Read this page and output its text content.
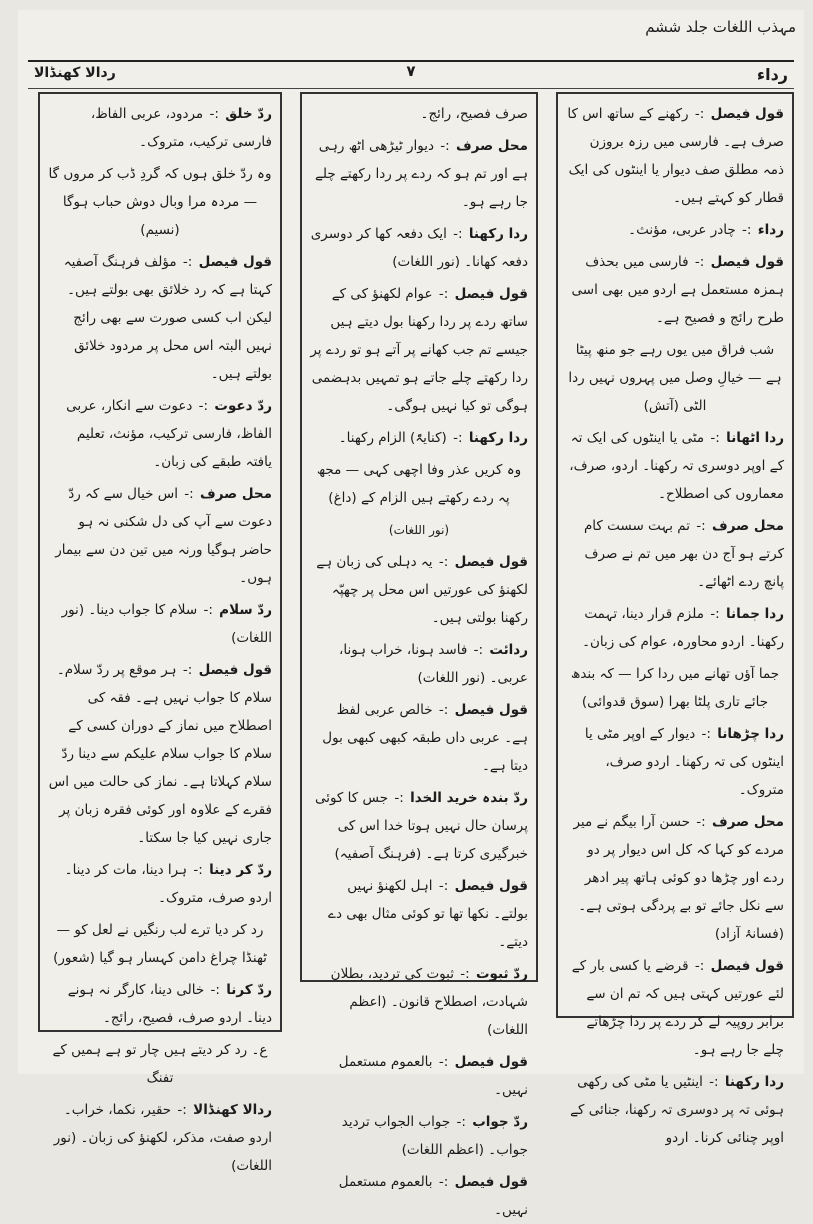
مہذب اللغات جلد ششم
رداء
ردالا کھنڈالا	۷
قول فیصل :- رکھنے کے ساتھ اس کا صرف ہے۔ فارسی میں رزہ بروزن ذمہ مطلق صف دیوار یا اینٹوں کی ایک قطار کو کہتے ہیں۔
رداء :- چادر عربی، مؤنث۔
قول فیصل :- فارسی میں بحذف ہمزہ مستعمل ہے اردو میں بھی اسی طرح رائج و فصیح ہے۔
شب فراق میں یوں رہے جو منھ پیٹا ہے — خیالِ وصل میں پہروں نہیں ردا الٹی (آتش)
ردا اٹھانا :- مٹی یا اینٹوں کی ایک تہ کے اوپر دوسری تہ رکھنا۔ اردو، صرف، معماروں کی اصطلاح۔
محل صرف :- تم بہت سست کام کرتے ہو آج دن بھر میں تم نے صرف پانچ ردے اٹھائے۔
ردا جمانا :- ملزم قرار دینا، تہمت رکھنا۔ اردو محاورہ، عوام کی زبان۔
جما آؤں تھانے میں ردا کرا — کہ بندھ جائے تاری پلٹا بھرا (سوق قدوائی)
ردا چڑھانا :- دیوار کے اوپر مٹی یا اینٹوں کی تہ رکھنا۔ اردو صرف، متروک۔
محل صرف :- حسن آرا بیگم نے میر مردے کو کہا کہ کل اس دیوار پر دو ردے اور چڑھا دو کوئی ہاتھ پیر ادھر سے نکل جائے تو بے پردگی ہوتی ہے۔ (فسانۂ آزاد)
قول فیصل :- قرضے یا کسی بار کے لئے عورتیں کہتی ہیں کہ تم ان سے برابر روپیہ لے کر ردے پر ردا چڑھاتے چلے جا رہے ہو۔
ردا رکھنا :- اینٹیں یا مٹی کی رکھی ہوئی تہ پر دوسری تہ رکھنا، جنائی کے اوپر چنائی کرنا۔ اردو
صرف فصیح، رائج۔
محل صرف :- دیوار ٹیڑھی اٹھ رہی ہے اور تم ہو کہ ردے پر ردا رکھتے چلے جا رہے ہو۔
ردا رکھنا :- ایک دفعہ کھا کر دوسری دفعہ کھانا۔ (نور اللغات)
قول فیصل :- عوام لکھنؤ کی کے ساتھ ردے پر ردا رکھنا بول دیتے ہیں جیسے تم جب کھانے پر آتے ہو تو ردے پر ردا رکھتے چلے جاتے ہو تمہیں بدہضمی ہوگی تو کیا نہیں ہوگی۔
ردا رکھنا :- (کنایۃً) الزام رکھنا۔
وہ کریں عذر وفا اچھی کہی — مجھ پہ ردے رکھتے ہیں الزام کے (داغ)
(نور اللغات)
قول فیصل :- یہ دہلی کی زبان ہے لکھنؤ کی عورتیں اس محل پر چھپّہ رکھنا بولتی ہیں۔
ردائت :- فاسد ہونا، خراب ہونا، عربی۔ (نور اللغات)
قول فیصل :- خالص عربی لفظ ہے۔ عربی داں طبقہ کبھی کبھی بول دیتا ہے۔
ردّ بندہ خرید الخدا :- جس کا کوئی پرسان حال نہیں ہوتا خدا اس کی خبرگیری کرتا ہے۔ (فرہنگ آصفیہ)
قول فیصل :- اہل لکھنؤ نہیں بولتے۔ نکھا تھا تو کوئی مثال بھی دے دیتے۔
ردّ ثبوت :- ثبوت کی تردید، بطلان شہادت، اصطلاح قانون۔ (اعظم اللغات)
قول فیصل :- بالعموم مستعمل نہیں۔
ردّ جواب :- جواب الجواب تردید جواب۔ (اعظم اللغات)
قول فیصل :- بالعموم مستعمل نہیں۔
ردّ خلق :- مردود، عربی الفاظ، فارسی ترکیب، متروک۔
وہ ردّ خلق ہوں کہ گردِ ڈب کر مروں گا — مردہ مرا وبال دوش حباب ہوگا (نسیم)
قول فیصل :- مؤلف فرہنگ آصفیہ کہتا ہے کہ رد خلائق بھی بولتے ہیں۔ لیکن اب کسی صورت سے بھی رائج نہیں البتہ اس محل پر مردود خلائق بولتے ہیں۔
ردّ دعوت :- دعوت سے انکار، عربی الفاظ، فارسی ترکیب، مؤنث، تعلیم یافتہ طبقے کی زبان۔
محل صرف :- اس خیال سے کہ ردّ دعوت سے آپ کی دل شکنی نہ ہو حاضر ہوگیا ورنہ میں تین دن سے بیمار ہوں۔
ردّ سلام :- سلام کا جواب دینا۔ (نور اللغات)
قول فیصل :- ہر موقع پر ردّ سلام۔ سلام کا جواب نہیں ہے۔ فقہ کی اصطلاح میں نماز کے دوران کسی کے سلام کا جواب سلام علیکم سے دینا ردّ سلام کہلاتا ہے۔ نماز کی حالت میں اس فقرے کے علاوہ اور کوئی فقرہ زبان پر جاری نہیں کیا جا سکتا۔
ردّ کر دینا :- ہرا دینا، مات کر دینا۔ اردو صرف، متروک۔
رد کر دیا ترے لب رنگیں نے لعل کو — ٹھنڈا چراغ دامن کہسار ہو گیا (شعور)
ردّ کرنا :- خالی دینا، کارگر نہ ہونے دینا۔ اردو صرف، فصیح، رائج۔
ع۔ رد کر دیتے ہیں چار تو ہے ہمیں کے تفنگ
ردالا کھنڈالا :- حقیر، نکما، خراب۔ اردو صفت، مذکر، لکھنؤ کی زبان۔ (نور اللغات)
